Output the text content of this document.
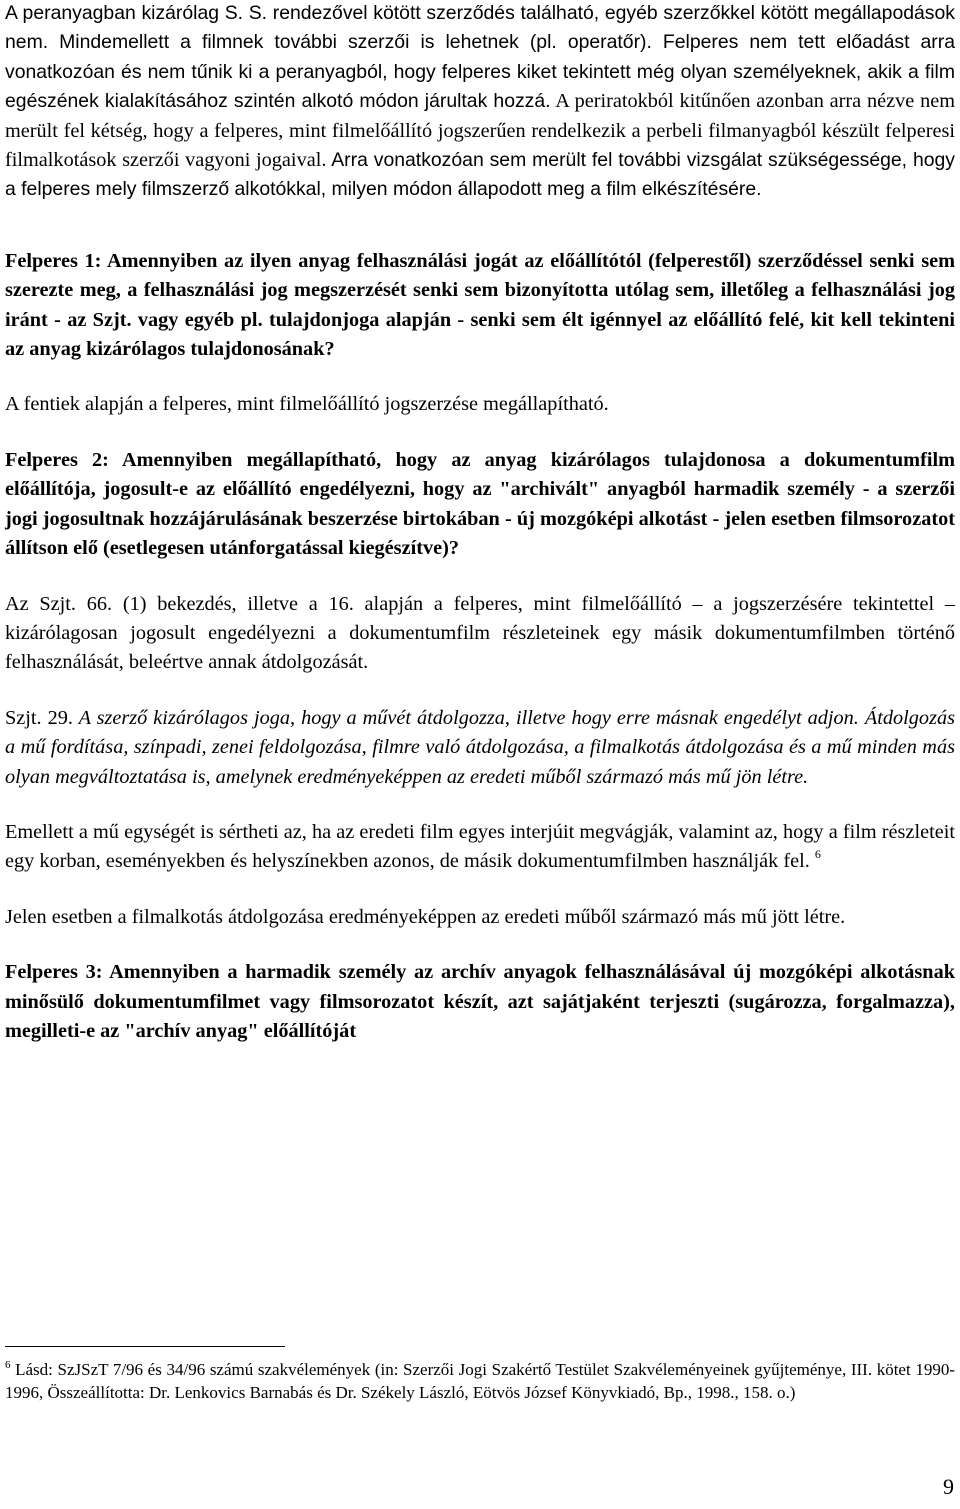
A peranyagban kizárólag S. S. rendezővel kötött szerződés található, egyéb szerzőkkel kötött megállapodások nem. Mindemellett a filmnek további szerzői is lehetnek (pl. operatőr). Felperes nem tett előadást arra vonatkozóan és nem tűnik ki a peranyagból, hogy felperes kiket tekintett még olyan személyeknek, akik a film egészének kialakításához szintén alkotó módon járultak hozzá. A periratokból kitűnően azonban arra nézve nem merült fel kétség, hogy a felperes, mint filmelőállító jogszerűen rendelkezik a perbeli filmanyagból készült felperesi filmalkotások szerzői vagyoni jogaival. Arra vonatkozóan sem merült fel további vizsgálat szükségessége, hogy a felperes mely filmszerző alkotókkal, milyen módon állapodott meg a film elkészítésére.

Felperes 1: Amennyiben az ilyen anyag felhasználási jogát az előállítótól (felperestől) szerződéssel senki sem szerezte meg, a felhasználási jog megszerzését senki sem bizonyította utólag sem, illetőleg a felhasználási jog iránt - az Szjt. vagy egyéb pl. tulajdonjoga alapján - senki sem élt igénnyel az előállító felé, kit kell tekinteni az anyag kizárólagos tulajdonosának?

A fentiek alapján a felperes, mint filmelőállító jogszerzése megállapítható.

Felperes 2: Amennyiben megállapítható, hogy az anyag kizárólagos tulajdonosa a dokumentumfilm előállítója, jogosult-e az előállító engedélyezni, hogy az "archivált" anyagból harmadik személy - a szerzői jogi jogosultnak hozzájárulásának beszerzése birtokában - új mozgóképi alkotást - jelen esetben filmsorozatot állítson elő (esetlegesen utánforgatással kiegészítve)?

Az Szjt. 66. (1) bekezdés, illetve a 16. alapján a felperes, mint filmelőállító – a jogszerzésére tekintettel – kizárólagosan jogosult engedélyezni a dokumentumfilm részleteinek egy másik dokumentumfilmben történő felhasználását, beleértve annak átdolgozását.

Szjt. 29. A szerző kizárólagos joga, hogy a művét átdolgozza, illetve hogy erre másnak engedélyt adjon. Átdolgozás a mű fordítása, színpadi, zenei feldolgozása, filmre való átdolgozása, a filmalkotás átdolgozása és a mű minden más olyan megváltoztatása is, amelynek eredményeképpen az eredeti műből származó más mű jön létre.

Emellett a mű egységét is sértheti az, ha az eredeti film egyes interjúit megvágják, valamint az, hogy a film részleteit egy korban, eseményekben és helyszínekben azonos, de másik dokumentumfilmben használják fel. $^6$

Jelen esetben a filmalkotás átdolgozása eredményeképpen az eredeti műből származó más mű jött létre.

Felperes 3: Amennyiben a harmadik személy az archív anyagok felhasználásával új mozgóképi alkotásnak minősülő dokumentumfilmet vagy filmsorozatot készít, azt sajátjaként terjeszti (sugározza, forgalmazza), megilleti-e az "archív anyag" előállítóját

$^6$ Lásd: SzJSzT 7/96 és 34/96 számú szakvélemények (in: Szerzői Jogi Szakértő Testület Szakvéleményeinek gyűjteménye, III. kötet 1990-1996, Összeállította: Dr. Lenkovics Barnabás és Dr. Székely László, Eötvös József Könyvkiadó, Bp., 1998., 158. o.)

9
